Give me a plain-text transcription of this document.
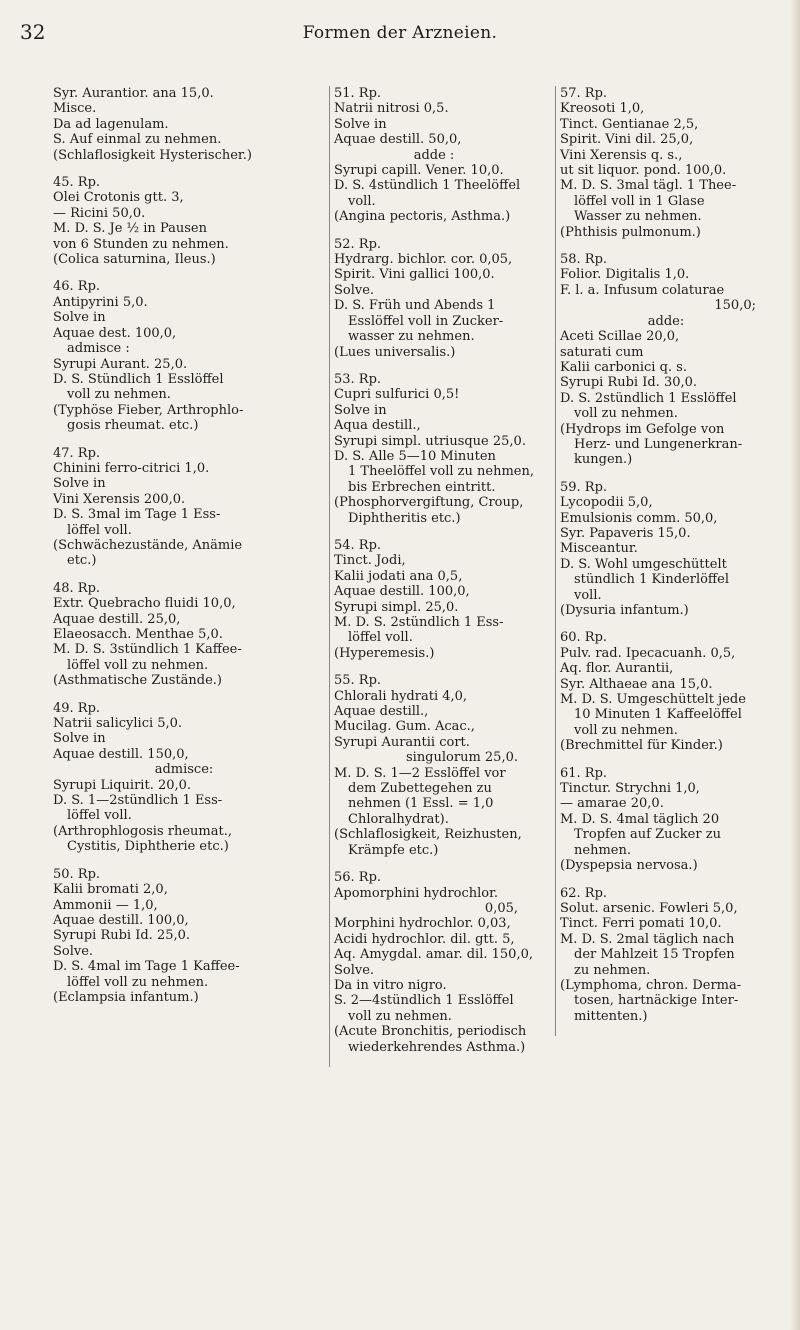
32	Formen der Arzneien.
Syr. Aurantior. ana 15,0.
Misce.
Da ad lagenulam.
S. Auf einmal zu nehmen.
(Schlaflosigkeit Hysterischer.)
45. Rp.
Olei Crotonis gtt. 3,
— Ricini 50,0.
M. D. S. Je ½ in Pausen
von 6 Stunden zu nehmen.
(Colica saturnina, Ileus.)
46. Rp.
Antipyrini 5,0.
Solve in
Aquae dest. 100,0,
admisce :
Syrupi Aurant. 25,0.
D. S. Stündlich 1 Esslöffel
voll zu nehmen.
(Typhöse Fieber, Arthrophlo-
gosis rheumat. etc.)
47. Rp.
Chinini ferro-citrici 1,0.
Solve in
Vini Xerensis 200,0.
D. S. 3mal im Tage 1 Ess-
löffel voll.
(Schwächezustände, Anämie
etc.)
48. Rp.
Extr. Quebracho fluidi 10,0,
Aquae destill. 25,0,
Elaeosacch. Menthae 5,0.
M. D. S. 3stündlich 1 Kaffee-
löffel voll zu nehmen.
(Asthmatische Zustände.)
49. Rp.
Natrii salicylici 5,0.
Solve in
Aquae destill. 150,0,
admisce:
Syrupi Liquirit. 20,0.
D. S. 1—2stündlich 1 Ess-
löffel voll.
(Arthrophlogosis rheumat.,
Cystitis, Diphtherie etc.)
50. Rp.
Kalii bromati 2,0,
Ammonii — 1,0,
Aquae destill. 100,0,
Syrupi Rubi Id. 25,0.
Solve.
D. S. 4mal im Tage 1 Kaffee-
löffel voll zu nehmen.
(Eclampsia infantum.)
51. Rp.
Natrii nitrosi 0,5.
Solve in
Aquae destill. 50,0,
adde :
Syrupi capill. Vener. 10,0.
D. S. 4stündlich 1 Theelöffel
voll.
(Angina pectoris, Asthma.)
52. Rp.
Hydrarg. bichlor. cor. 0,05,
Spirit. Vini gallici 100,0.
Solve.
D. S. Früh und Abends 1
Esslöffel voll in Zucker-
wasser zu nehmen.
(Lues universalis.)
53. Rp.
Cupri sulfurici 0,5!
Solve in
Aqua destill.,
Syrupi simpl. utriusque 25,0.
D. S. Alle 5—10 Minuten
1 Theelöffel voll zu nehmen,
bis Erbrechen eintritt.
(Phosphorvergiftung, Croup,
Diphtheritis etc.)
54. Rp.
Tinct. Jodi,
Kalii jodati ana 0,5,
Aquae destill. 100,0,
Syrupi simpl. 25,0.
M. D. S. 2stündlich 1 Ess-
löffel voll.
(Hyperemesis.)
55. Rp.
Chlorali hydrati 4,0,
Aquae destill.,
Mucilag. Gum. Acac.,
Syrupi Aurantii cort.
singulorum 25,0.
M. D. S. 1—2 Esslöffel vor
dem Zubettegehen zu
nehmen (1 Essl. = 1,0
Chloralhydrat).
(Schlaflosigkeit, Reizhusten,
Krämpfe etc.)
56. Rp.
Apomorphini hydrochlor.
0,05,
Morphini hydrochlor. 0,03,
Acidi hydrochlor. dil. gtt. 5,
Aq. Amygdal. amar. dil. 150,0,
Solve.
Da in vitro nigro.
S. 2—4stündlich 1 Esslöffel
voll zu nehmen.
(Acute Bronchitis, periodisch
wiederkehrendes Asthma.)
57. Rp.
Kreosoti 1,0,
Tinct. Gentianae 2,5,
Spirit. Vini dil. 25,0,
Vini Xerensis q. s.,
ut sit liquor. pond. 100,0.
M. D. S. 3mal tägl. 1 Thee-
löffel voll in 1 Glase
Wasser zu nehmen.
(Phthisis pulmonum.)
58. Rp.
Folior. Digitalis 1,0.
F. l. a. Infusum colaturae
150,0;
adde:
Aceti Scillae 20,0,
saturati cum
Kalii carbonici q. s.
Syrupi Rubi Id. 30,0.
D. S. 2stündlich 1 Esslöffel
voll zu nehmen.
(Hydrops im Gefolge von
Herz- und Lungenerkran-
kungen.)
59. Rp.
Lycopodii 5,0,
Emulsionis comm. 50,0,
Syr. Papaveris 15,0.
Misceantur.
D. S. Wohl umgeschüttelt
stündlich 1 Kinderlöffel
voll.
(Dysuria infantum.)
60. Rp.
Pulv. rad. Ipecacuanh. 0,5,
Aq. flor. Aurantii,
Syr. Althaeae ana 15,0.
M. D. S. Umgeschüttelt jede
10 Minuten 1 Kaffeelöffel
voll zu nehmen.
(Brechmittel für Kinder.)
61. Rp.
Tinctur. Strychni 1,0,
— amarae 20,0.
M. D. S. 4mal täglich 20
Tropfen auf Zucker zu
nehmen.
(Dyspepsia nervosa.)
62. Rp.
Solut. arsenic. Fowleri 5,0,
Tinct. Ferri pomati 10,0.
M. D. S. 2mal täglich nach
der Mahlzeit 15 Tropfen
zu nehmen.
(Lymphoma, chron. Derma-
tosen, hartnäckige Inter-
mittenten.)
